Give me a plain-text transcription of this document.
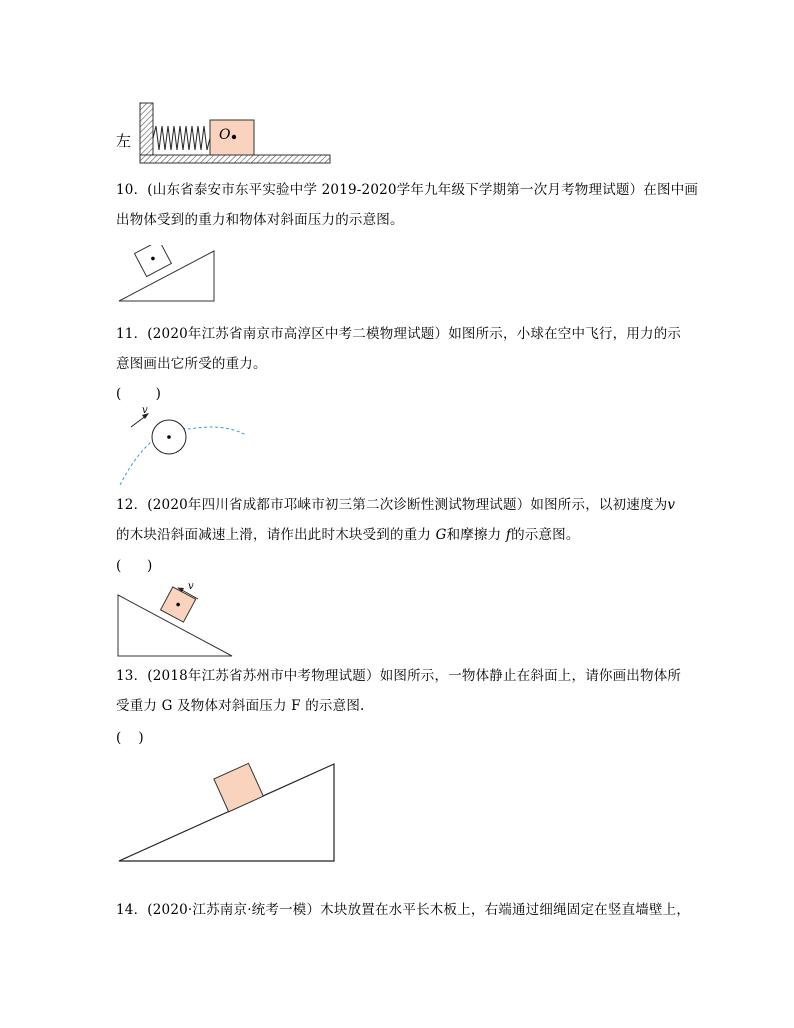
左	O
10．(山东省泰安市东平实验中学 2019-2020学年九年级下学期第一次月考物理试题）在图中画
出物体受到的重力和物体对斜面压力的示意图。
11．(2020年江苏省南京市高淳区中考二模物理试题）如图所示，小球在空中飞行，用力的示
意图画出它所受的重力。
(        )
v
12．(2020年四川省成都市邛崃市初三第二次诊断性测试物理试题）如图所示，以初速度为v
的木块沿斜面减速上滑，请作出此时木块受到的重力 G和摩擦力 f的示意图。
(      )
v
13．(2018年江苏省苏州市中考物理试题）如图所示，一物体静止在斜面上，请你画出物体所
受重力 G 及物体对斜面压力 F 的示意图.
(    )
14．(2020·江苏南京·统考一模）木块放置在水平长木板上，右端通过细绳固定在竖直墙壁上，
